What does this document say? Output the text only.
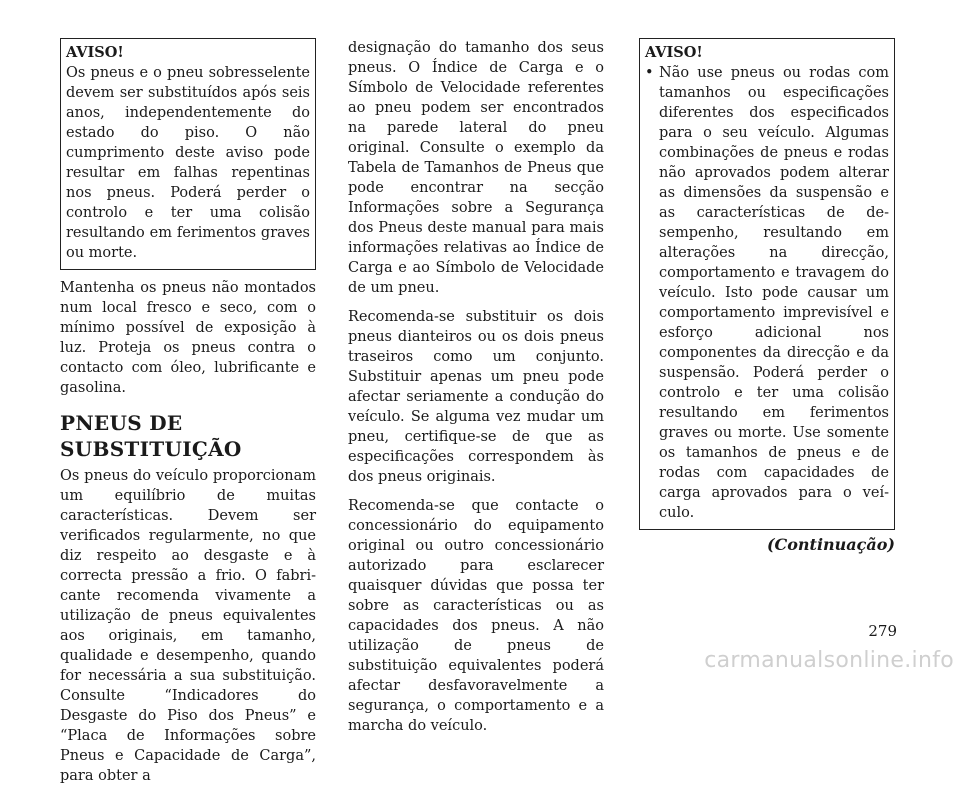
AVISO!

Os pneus e o pneu sobresselente devem ser substituídos após seis anos, independentemente do estado do piso. O não cumprimento deste aviso pode resultar em falhas repentinas nos pneus. Poderá perder o controlo e ter uma colisão resultando em ferimentos graves ou morte.

Mantenha os pneus não montados num local fresco e seco, com o mínimo possível de exposição à luz. Proteja os pneus contra o contacto com óleo, lubrificante e gasolina.

PNEUS DE SUBSTITUIÇÃO

Os pneus do veículo proporcionam um equilíbrio de muitas características. Devem ser verificados regularmente, no que diz respeito ao desgaste e à correcta pressão a frio. O fabricante recomenda vivamente a utilização de pneus equivalentes aos originais, em tamanho, qualidade e desempenho, quando for necessária a sua substituição. Consulte “Indicadores do Desgaste do Piso dos Pneus” e “Placa de Informações sobre Pneus e Capacidade de Carga”, para obter a

designação do tamanho dos seus pneus. O Índice de Carga e o Símbolo de Velocidade referentes ao pneu podem ser encontrados na parede lateral do pneu original. Consulte o exemplo da Tabela de Tamanhos de Pneus que pode encontrar na secção Informações sobre a Segurança dos Pneus deste manual para mais informações relativas ao Índice de Carga e ao Símbolo de Velocidade de um pneu.

Recomenda-se substituir os dois pneus dianteiros ou os dois pneus traseiros como um conjunto. Substituir apenas um pneu pode afectar seriamente a condução do veículo. Se alguma vez mudar um pneu, certifique-se de que as especificações correspondem às dos pneus originais.

Recomenda-se que contacte o concessionário do equipamento original ou outro concessionário autorizado para esclarecer quaisquer dúvidas que possa ter sobre as características ou as capacidades dos pneus. A não utilização de pneus de substituição equivalentes poderá afectar desfavoravelmente a segurança, o comportamento e a marcha do veículo.

AVISO!
• Não use pneus ou rodas com tamanhos ou especificações diferentes dos especificados para o seu veículo. Algumas combinações de pneus e rodas não aprovados podem alterar as dimensões da suspensão e as características de desempenho, resultando em alterações na direcção, comportamento e travagem do veículo. Isto pode causar um comportamento imprevisível e esforço adicional nos componentes da direcção e da suspensão. Poderá perder o controlo e ter uma colisão resultando em ferimentos graves ou morte. Use somente os tamanhos de pneus e de rodas com capacidades de carga aprovados para o veículo.
(Continuação)
279
carmanualsonline.info
